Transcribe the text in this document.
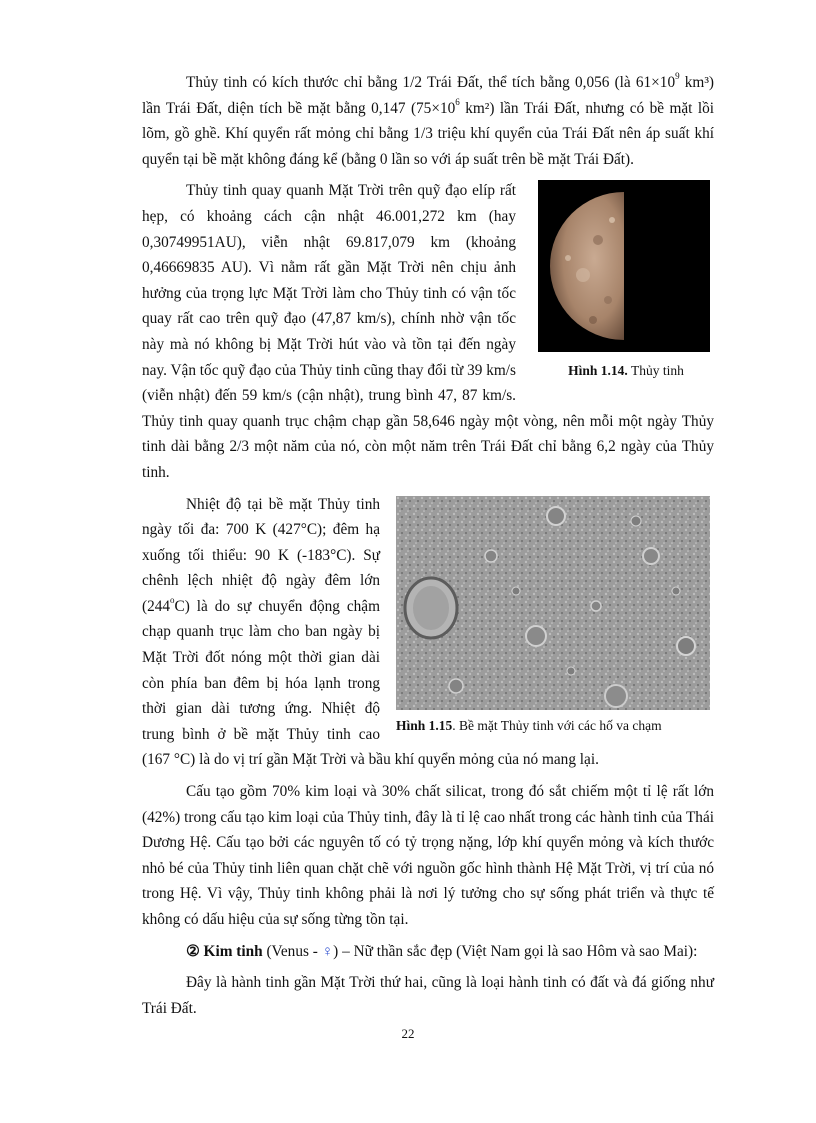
Thủy tinh có kích thước chỉ bằng 1/2 Trái Đất, thể tích bằng 0,056 (là $61\times 10^9$ km³) lần Trái Đất, diện tích bề mặt bằng 0,147 ($75\times 10^6$ km²) lần Trái Đất, nhưng có bề mặt lồi lõm, gồ ghề. Khí quyển rất mỏng chỉ bằng 1/3 triệu khí quyển của Trái Đất nên áp suất khí quyển tại bề mặt không đáng kể (bằng 0 lần so với áp suất trên bề mặt Trái Đất).

Hình 1.14. Thủy tinh

Thủy tinh quay quanh Mặt Trời trên quỹ đạo elíp rất hẹp, có khoảng cách cận nhật 46.001,272 km (hay 0,30749951AU), viễn nhật 69.817,079 km (khoảng 0,46669835 AU). Vì nằm rất gần Mặt Trời nên chịu ảnh hưởng của trọng lực Mặt Trời làm cho Thủy tinh có vận tốc quay rất cao trên quỹ đạo (47,87 km/s), chính nhờ vận tốc này mà nó không bị Mặt Trời hút vào và tồn tại đến ngày nay. Vận tốc quỹ đạo của Thủy tinh cũng thay đổi từ 39 km/s (viễn nhật) đến 59 km/s (cận nhật), trung bình 47, 87 km/s. Thủy tinh quay quanh trục chậm chạp gần 58,646 ngày một vòng, nên mỗi một ngày Thủy tinh dài bằng 2/3 một năm của nó, còn một năm trên Trái Đất chỉ bằng 6,2 ngày của Thủy tinh.

Hình 1.15. Bề mặt Thủy tinh với các hố va chạm

Nhiệt độ tại bề mặt Thủy tinh ngày tối đa: 700 K (427°C); đêm hạ xuống tối thiểu: 90 K (-183°C). Sự chênh lệch nhiệt độ ngày đêm lớn (244$^o$C) là do sự chuyển động chậm chạp quanh trục làm cho ban ngày bị Mặt Trời đốt nóng một thời gian dài còn phía ban đêm bị hóa lạnh trong thời gian dài tương ứng. Nhiệt độ trung bình ở bề mặt Thủy tinh cao (167 °C) là do vị trí gần Mặt Trời và bầu khí quyển mỏng của nó mang lại.

Cấu tạo gồm 70% kim loại và 30% chất silicat, trong đó sắt chiếm một tỉ lệ rất lớn (42%) trong cấu tạo kim loại của Thủy tinh, đây là tỉ lệ cao nhất trong các hành tinh của Thái Dương Hệ. Cấu tạo bởi các nguyên tố có tỷ trọng nặng, lớp khí quyển mỏng và kích thước nhỏ bé của Thủy tinh liên quan chặt chẽ với nguồn gốc hình thành Hệ Mặt Trời, vị trí của nó trong Hệ. Vì vậy, Thủy tinh không phải là nơi lý tưởng cho sự sống phát triển và thực tế không có dấu hiệu của sự sống từng tồn tại.

② Kim tinh (Venus - ♀) – Nữ thần sắc đẹp (Việt Nam gọi là sao Hôm và sao Mai):

Đây là hành tinh gần Mặt Trời thứ hai, cũng là loại hành tinh có đất và đá giống như Trái Đất.

22
